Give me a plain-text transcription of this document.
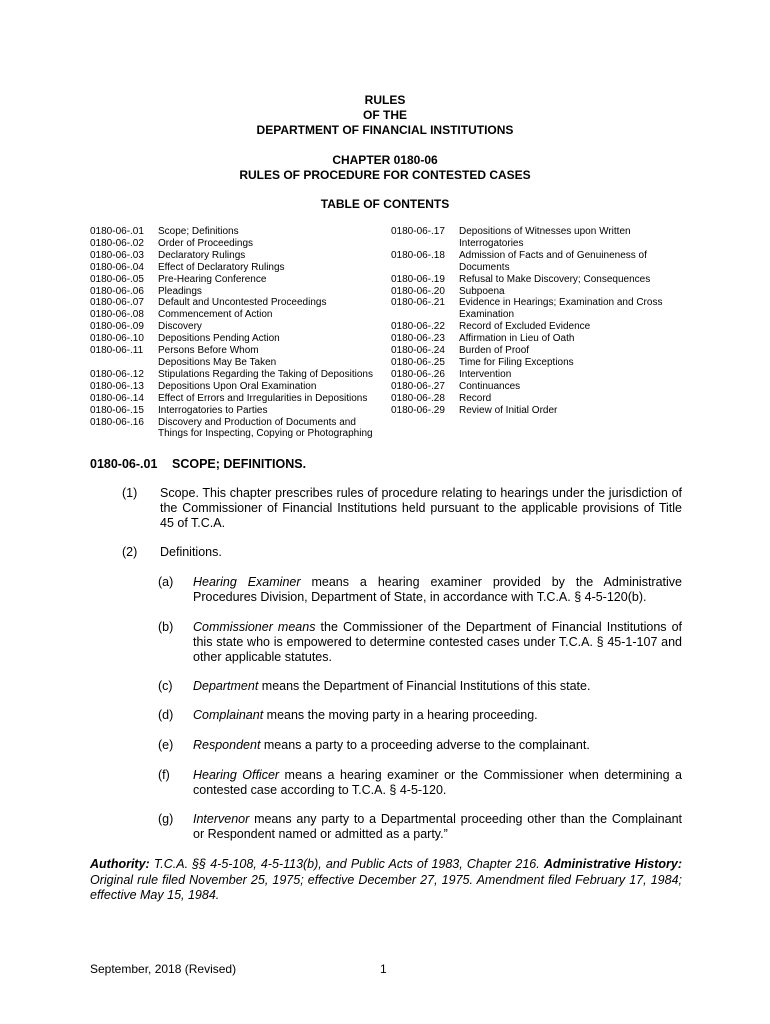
RULES
OF THE
DEPARTMENT OF FINANCIAL INSTITUTIONS
CHAPTER 0180-06
RULES OF PROCEDURE FOR CONTESTED CASES
TABLE OF CONTENTS
0180-06-.01	Scope; Definitions
0180-06-.02	Order of Proceedings
0180-06-.03	Declaratory Rulings
0180-06-.04	Effect of Declaratory Rulings
0180-06-.05	Pre-Hearing Conference
0180-06-.06	Pleadings
0180-06-.07	Default and Uncontested Proceedings
0180-06-.08	Commencement of Action
0180-06-.09	Discovery
0180-06-.10	Depositions Pending Action
0180-06-.11	Persons Before Whom Depositions May Be Taken
0180-06-.12	Stipulations Regarding the Taking of Depositions
0180-06-.13	Depositions Upon Oral Examination
0180-06-.14	Effect of Errors and Irregularities in Depositions
0180-06-.15	Interrogatories to Parties
0180-06-.16	Discovery and Production of Documents and Things for Inspecting, Copying or Photographing
0180-06-.17	Depositions of Witnesses upon Written Interrogatories
0180-06-.18	Admission of Facts and of Genuineness of Documents
0180-06-.19	Refusal to Make Discovery; Consequences
0180-06-.20	Subpoena
0180-06-.21	Evidence in Hearings; Examination and Cross Examination
0180-06-.22	Record of Excluded Evidence
0180-06-.23	Affirmation in Lieu of Oath
0180-06-.24	Burden of Proof
0180-06-.25	Time for Filing Exceptions
0180-06-.26	Intervention
0180-06-.27	Continuances
0180-06-.28	Record
0180-06-.29	Review of Initial Order
0180-06-.01 SCOPE; DEFINITIONS.
(1) Scope. This chapter prescribes rules of procedure relating to hearings under the jurisdiction of the Commissioner of Financial Institutions held pursuant to the applicable provisions of Title 45 of T.C.A.
(2) Definitions.
(a) Hearing Examiner means a hearing examiner provided by the Administrative Procedures Division, Department of State, in accordance with T.C.A. § 4-5-120(b).
(b) Commissioner means the Commissioner of the Department of Financial Institutions of this state who is empowered to determine contested cases under T.C.A. § 45-1-107 and other applicable statutes.
(c) Department means the Department of Financial Institutions of this state.
(d) Complainant means the moving party in a hearing proceeding.
(e) Respondent means a party to a proceeding adverse to the complainant.
(f) Hearing Officer means a hearing examiner or the Commissioner when determining a contested case according to T.C.A. § 4-5-120.
(g) Intervenor means any party to a Departmental proceeding other than the Complainant or Respondent named or admitted as a party.”
Authority: T.C.A. §§ 4-5-108, 4-5-113(b), and Public Acts of 1983, Chapter 216. Administrative History: Original rule filed November 25, 1975; effective December 27, 1975. Amendment filed February 17, 1984; effective May 15, 1984.
September, 2018 (Revised)	1
